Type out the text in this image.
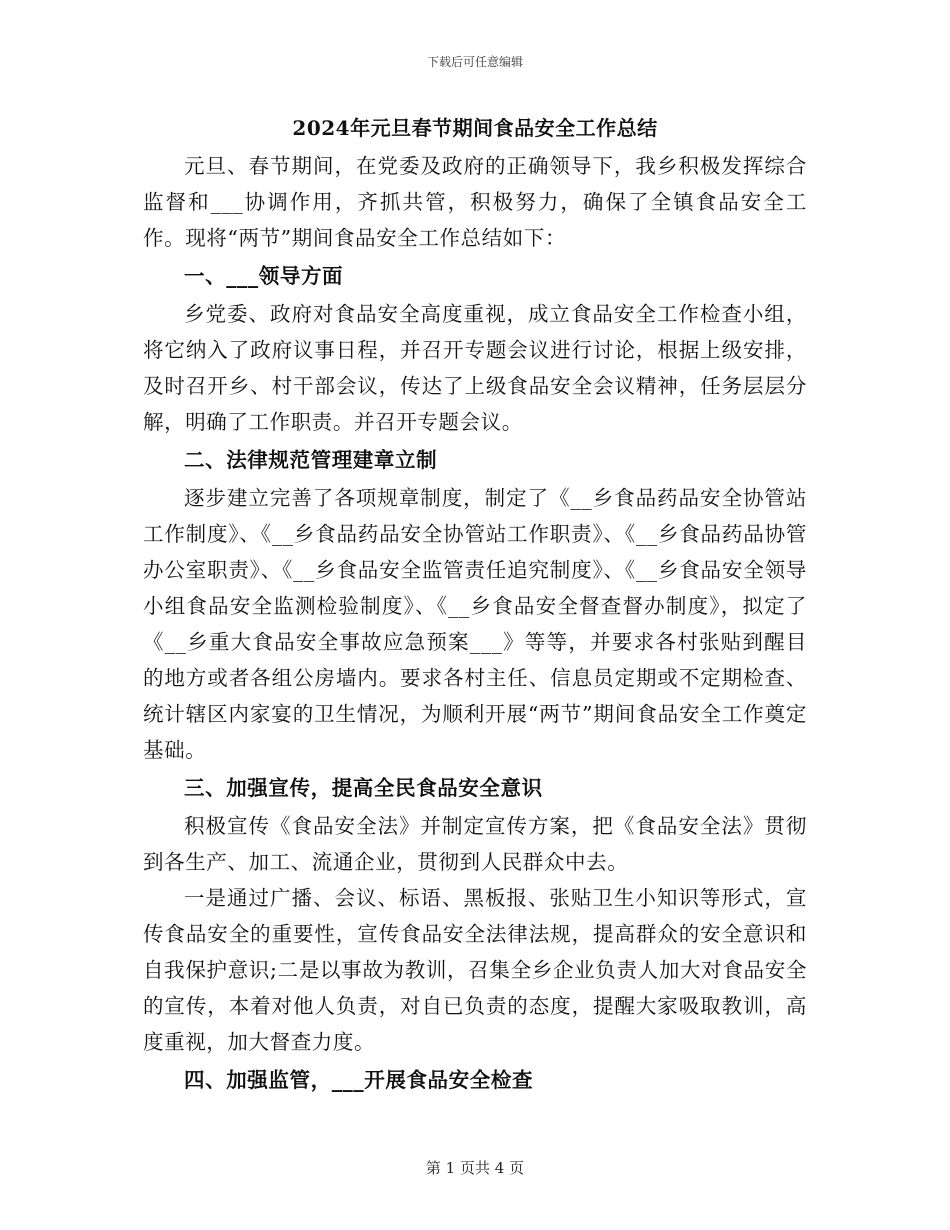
下载后可任意编辑
2024年元旦春节期间食品安全工作总结

元旦、春节期间，在党委及政府的正确领导下，我乡积极发挥综合监督和___协调作用，齐抓共管，积极努力，确保了全镇食品安全工作。现将“两节”期间食品安全工作总结如下：

一、___领导方面

乡党委、政府对食品安全高度重视，成立食品安全工作检查小组，将它纳入了政府议事日程，并召开专题会议进行讨论，根据上级安排，及时召开乡、村干部会议，传达了上级食品安全会议精神，任务层层分解，明确了工作职责。并召开专题会议。

二、法律规范管理建章立制

逐步建立完善了各项规章制度，制定了《__乡食品药品安全协管站工作制度》、《__乡食品药品安全协管站工作职责》、《__乡食品药品协管办公室职责》、《__乡食品安全监管责任追究制度》、《__乡食品安全领导小组食品安全监测检验制度》、《__乡食品安全督查督办制度》，拟定了《__乡重大食品安全事故应急预案___》等等，并要求各村张贴到醒目的地方或者各组公房墙内。要求各村主任、信息员定期或不定期检查、统计辖区内家宴的卫生情况，为顺利开展“两节”期间食品安全工作奠定基础。

三、加强宣传，提高全民食品安全意识

积极宣传《食品安全法》并制定宣传方案，把《食品安全法》贯彻到各生产、加工、流通企业，贯彻到人民群众中去。

一是通过广播、会议、标语、黑板报、张贴卫生小知识等形式，宣传食品安全的重要性，宣传食品安全法律法规，提高群众的安全意识和自我保护意识;二是以事故为教训，召集全乡企业负责人加大对食品安全的宣传，本着对他人负责，对自已负责的态度，提醒大家吸取教训，高度重视，加大督查力度。

四、加强监管，___开展食品安全检查
第 1 页共 4 页
